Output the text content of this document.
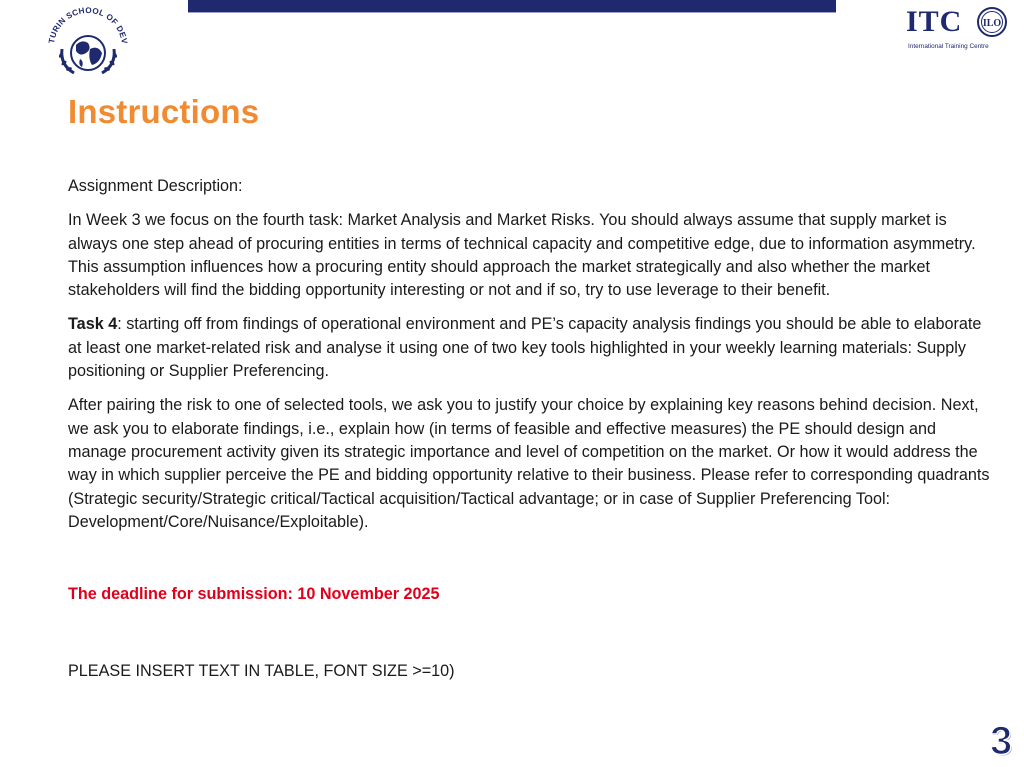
TURIN SCHOOL OF DEV
ITC ILO
International Training Centre
Instructions

Assignment Description:

In Week 3 we focus on the fourth task: Market Analysis and Market Risks. You should always assume that supply market is always one step ahead of procuring entities in terms of technical capacity and competitive edge, due to information asymmetry. This assumption influences how a procuring entity should approach the market strategically and also whether the market stakeholders will find the bidding opportunity interesting or not and if so, try to use leverage to their benefit.

Task 4: starting off from findings of operational environment and PE’s capacity analysis findings you should be able to elaborate at least one market-related risk and analyse it using one of two key tools highlighted in your weekly learning materials: Supply positioning or Supplier Preferencing.

After pairing the risk to one of selected tools, we ask you to justify your choice by explaining key reasons behind decision. Next, we ask you to elaborate findings, i.e., explain how (in terms of feasible and effective measures) the PE should design and manage procurement activity given its strategic importance and level of competition on the market. Or how it would address the way in which supplier perceive the PE and bidding opportunity relative to their business. Please refer to corresponding quadrants (Strategic security/Strategic critical/Tactical acquisition/Tactical advantage; or in case of Supplier Preferencing Tool: Development/Core/Nuisance/Exploitable).

The deadline for submission: 10 November 2025

PLEASE INSERT TEXT IN TABLE, FONT SIZE >=10)

3
